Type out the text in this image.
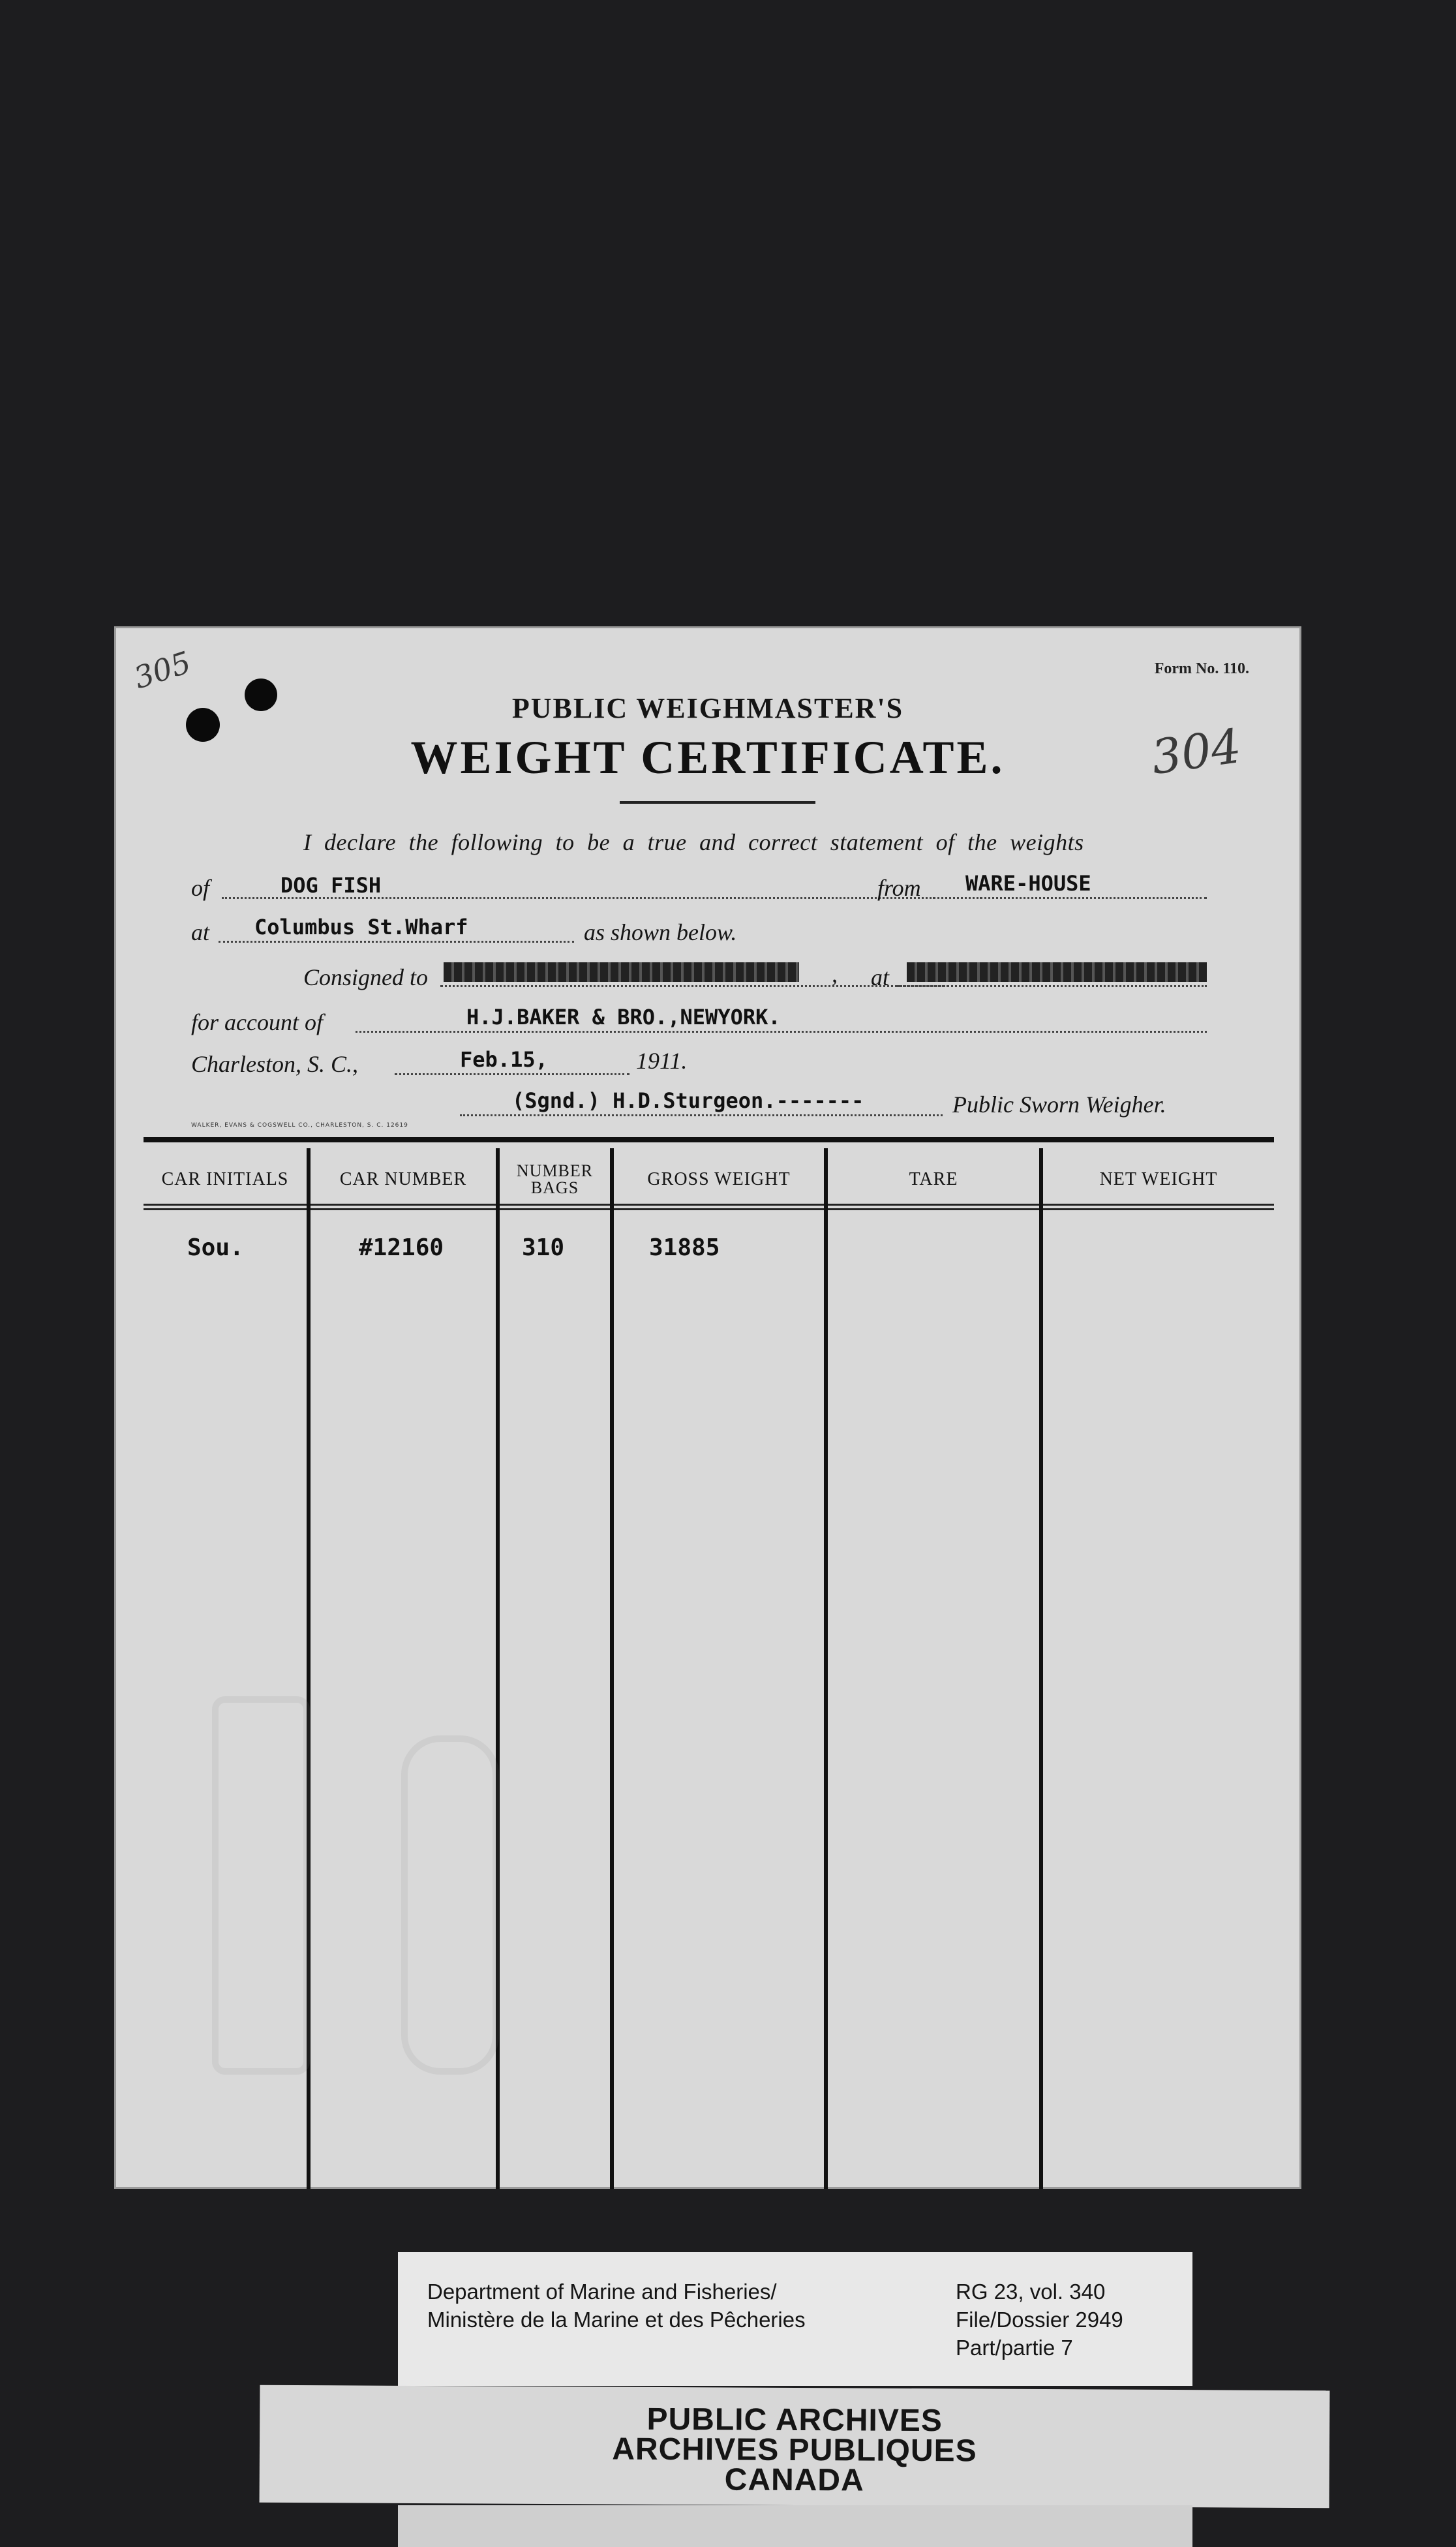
305
304
Form No. 110.
PUBLIC WEIGHMASTER'S
WEIGHT CERTIFICATE.
I declare the following to be a true and correct statement of the weights
of	DOG FISH	from WARE-HOUSE
at Columbus St.Wharf	as shown below.
Consigned to	, at
for account of	H.J.BAKER & BRO.,NEWYORK.
Charleston, S. C.,	Feb.15,	1911.
(Sgnd.) H.D.Sturgeon.-------	Public Sworn Weigher.
WALKER, EVANS & COGSWELL CO., CHARLESTON, S. C. 12619
CAR INITIALS	CAR NUMBER	NUMBER BAGS	GROSS WEIGHT	TARE	NET WEIGHT
Sou.	#12160	310	31885
Department of Marine and Fisheries/
Ministère de la Marine et des Pêcheries
RG 23, vol. 340
File/Dossier 2949
Part/partie 7
PUBLIC ARCHIVES
ARCHIVES PUBLIQUES
CANADA
